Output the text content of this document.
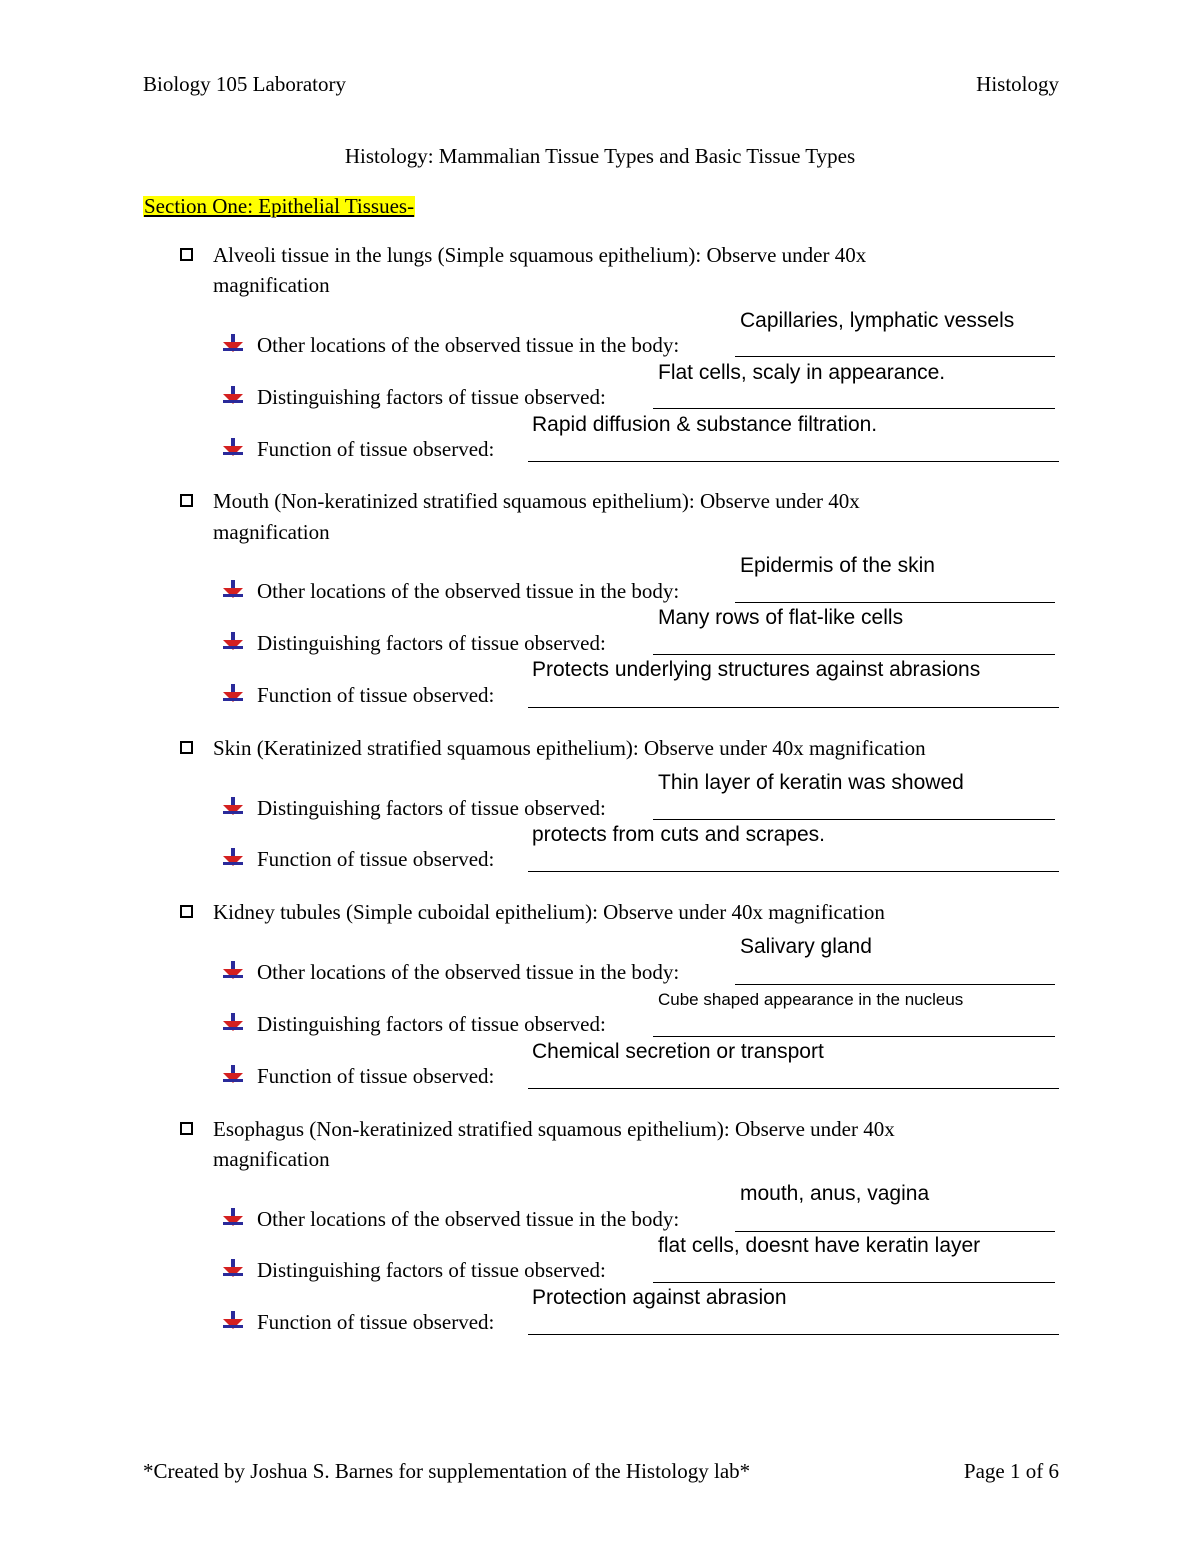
Biology 105 Laboratory	Histology
Histology: Mammalian Tissue Types and Basic Tissue Types
Section One: Epithelial Tissues-
Alveoli tissue in the lungs (Simple squamous epithelium): Observe under 40x
magnification
Capillaries, lymphatic vessels
Other locations of the observed tissue in the body:
Flat cells, scaly in appearance.
Distinguishing factors of tissue observed:
Rapid diffusion & substance filtration.
Function of tissue observed:
Mouth (Non-keratinized stratified squamous epithelium): Observe under 40x
magnification
Epidermis of the skin
Other locations of the observed tissue in the body:
Many rows of flat-like cells
Distinguishing factors of tissue observed:
Protects underlying structures against abrasions
Function of tissue observed:
Skin (Keratinized stratified squamous epithelium): Observe under 40x magnification
Thin layer of keratin was showed
Distinguishing factors of tissue observed:
protects from cuts and scrapes.
Function of tissue observed:
Kidney tubules (Simple cuboidal epithelium): Observe under 40x magnification
Salivary gland
Other locations of the observed tissue in the body:
Cube shaped appearance in the nucleus
Distinguishing factors of tissue observed:
Chemical secretion or transport
Function of tissue observed:
Esophagus (Non-keratinized stratified squamous epithelium): Observe under 40x
magnification
mouth, anus, vagina
Other locations of the observed tissue in the body:
flat cells, doesnt have keratin layer
Distinguishing factors of tissue observed:
Protection against abrasion
Function of tissue observed:
*Created by Joshua S. Barnes for supplementation of the Histology lab*	Page 1 of 6
